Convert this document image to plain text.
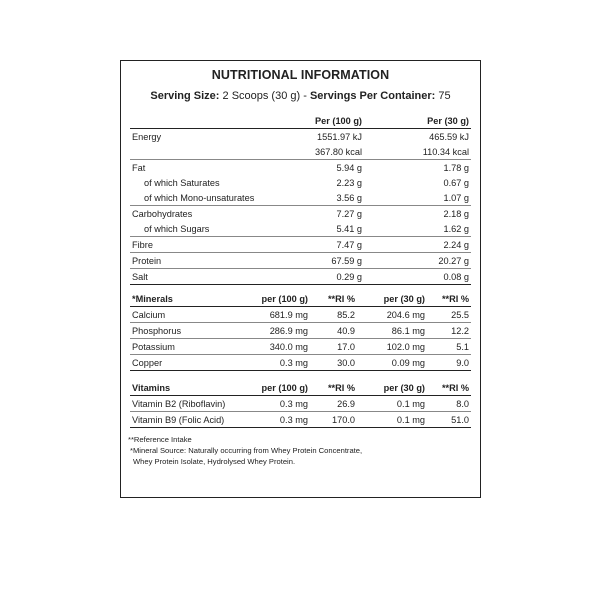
NUTRITIONAL INFORMATION
Serving Size: 2 Scoops (30 g) - Servings Per Container: 75
	Per (100 g)	Per (30 g)
Energy	1551.97 kJ	465.59 kJ
	367.80 kcal	110.34 kcal
Fat	5.94 g	1.78 g
of which Saturates	2.23 g	0.67 g
of which Mono-unsaturates	3.56 g	1.07 g
Carbohydrates	7.27 g	2.18 g
of which Sugars	5.41 g	1.62 g
Fibre	7.47 g	2.24 g
Protein	67.59 g	20.27 g
Salt	0.29 g	0.08 g
*Minerals	per (100 g)	**RI %	per (30 g)	**RI %
Calcium	681.9 mg	85.2	204.6 mg	25.5
Phosphorus	286.9 mg	40.9	86.1 mg	12.2
Potassium	340.0 mg	17.0	102.0 mg	5.1
Copper	0.3 mg	30.0	0.09 mg	9.0
Vitamins	per (100 g)	**RI %	per (30 g)	**RI %
Vitamin B2 (Riboflavin)	0.3 mg	26.9	0.1 mg	8.0
Vitamin B9 (Folic Acid)	0.3 mg	170.0	0.1 mg	51.0
**Reference Intake
*Mineral Source: Naturally occurring from Whey Protein Concentrate,
Whey Protein Isolate, Hydrolysed Whey Protein.
